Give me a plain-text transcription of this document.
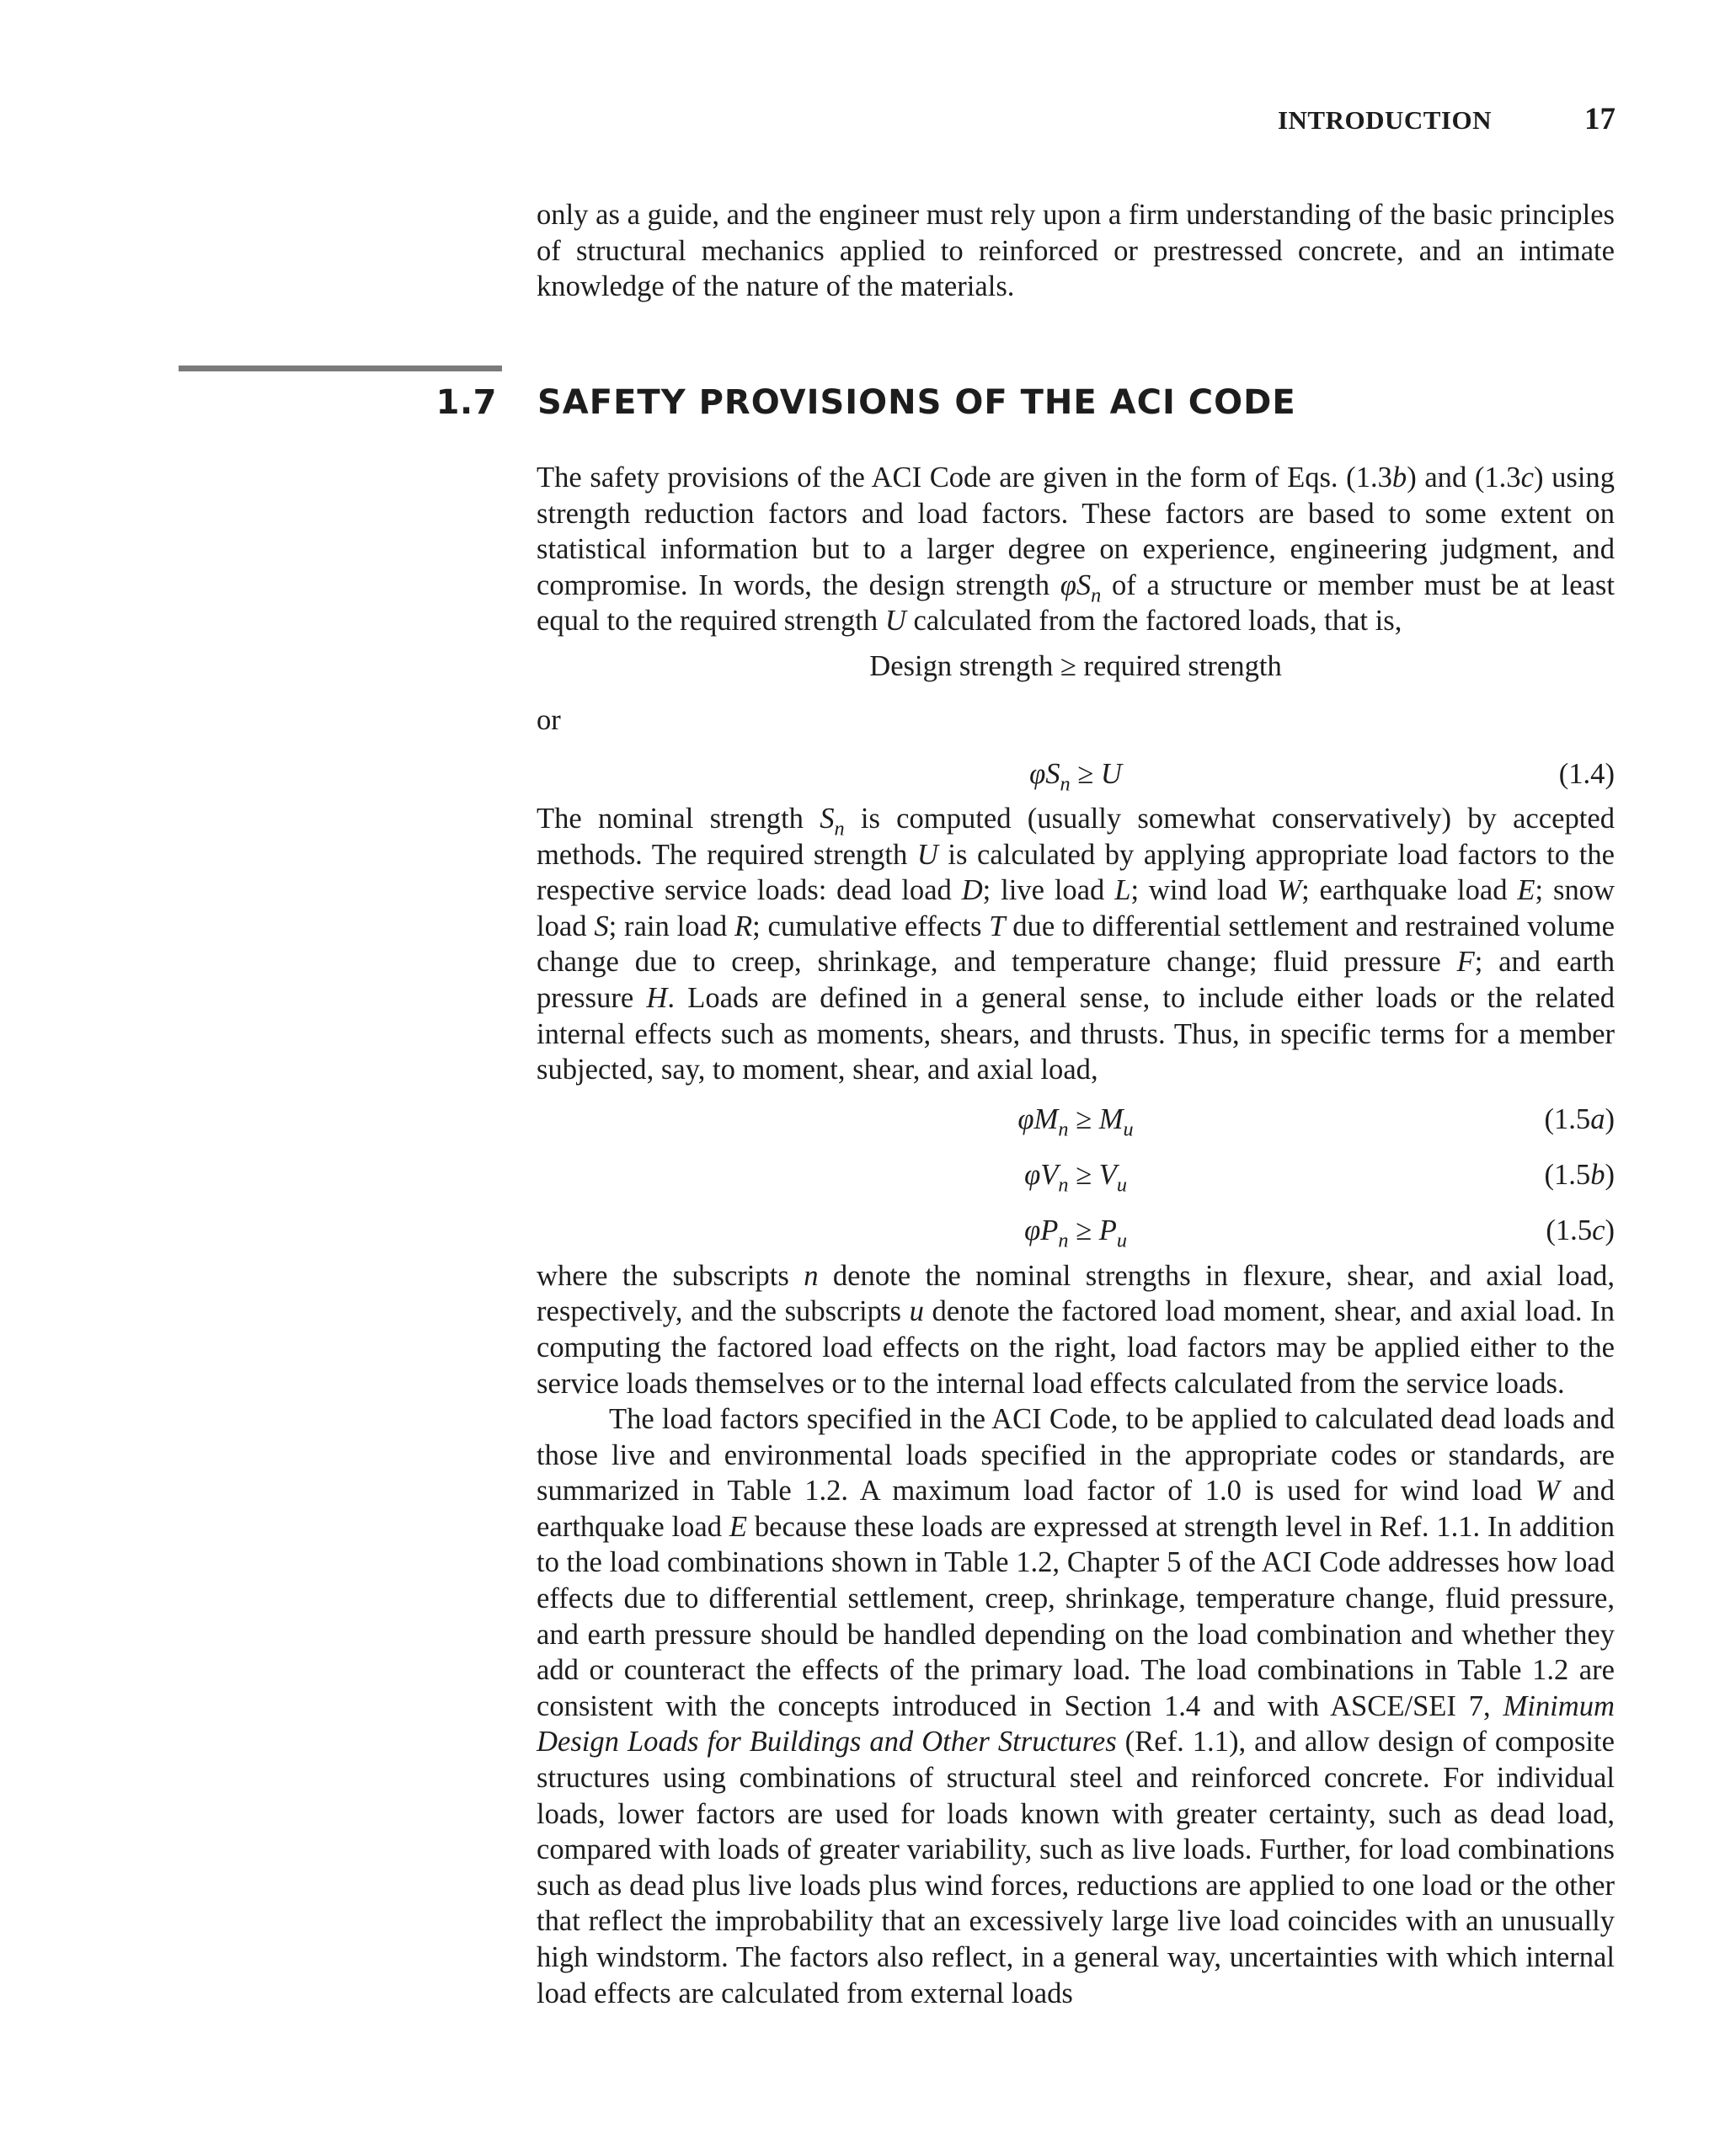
INTRODUCTION	17

only as a guide, and the engineer must rely upon a firm understanding of the basic principles of structural mechanics applied to reinforced or prestressed concrete, and an intimate knowledge of the nature of the materials.

1.7 SAFETY PROVISIONS OF THE ACI CODE

The safety provisions of the ACI Code are given in the form of Eqs. (1.3b) and (1.3c) using strength reduction factors and load factors. These factors are based to some extent on statistical information but to a larger degree on experience, engineering judgment, and compromise. In words, the design strength $\varphi S_n$ of a structure or member must be at least equal to the required strength U calculated from the factored loads, that is,

Design strength ≥ required strength
or
$\varphi S_n \ge U$	(1.4)

The nominal strength $S_n$ is computed (usually somewhat conservatively) by accepted methods. The required strength U is calculated by applying appropriate load factors to the respective service loads: dead load D; live load L; wind load W; earthquake load E; snow load S; rain load R; cumulative effects T due to differential settlement and restrained volume change due to creep, shrinkage, and temperature change; fluid pressure F; and earth pressure H. Loads are defined in a general sense, to include either loads or the related internal effects such as moments, shears, and thrusts. Thus, in specific terms for a member subjected, say, to moment, shear, and axial load,

$\varphi M_n \ge M_u$	(1.5a)
$\varphi V_n \ge V_u$	(1.5b)
$\varphi P_n \ge P_u$	(1.5c)

where the subscripts n denote the nominal strengths in flexure, shear, and axial load, respectively, and the subscripts u denote the factored load moment, shear, and axial load. In computing the factored load effects on the right, load factors may be applied either to the service loads themselves or to the internal load effects calculated from the service loads.

The load factors specified in the ACI Code, to be applied to calculated dead loads and those live and environmental loads specified in the appropriate codes or standards, are summarized in Table 1.2. A maximum load factor of 1.0 is used for wind load W and earthquake load E because these loads are expressed at strength level in Ref. 1.1. In addition to the load combinations shown in Table 1.2, Chapter 5 of the ACI Code addresses how load effects due to differential settlement, creep, shrinkage, temperature change, fluid pressure, and earth pressure should be handled depending on the load combination and whether they add or counteract the effects of the primary load. The load combinations in Table 1.2 are consistent with the concepts introduced in Section 1.4 and with ASCE/SEI 7, Minimum Design Loads for Buildings and Other Structures (Ref. 1.1), and allow design of composite structures using combinations of structural steel and reinforced concrete. For individual loads, lower factors are used for loads known with greater certainty, such as dead load, compared with loads of greater variability, such as live loads. Further, for load combinations such as dead plus live loads plus wind forces, reductions are applied to one load or the other that reflect the improbability that an excessively large live load coincides with an unusually high windstorm. The factors also reflect, in a general way, uncertainties with which internal load effects are calculated from external loads
